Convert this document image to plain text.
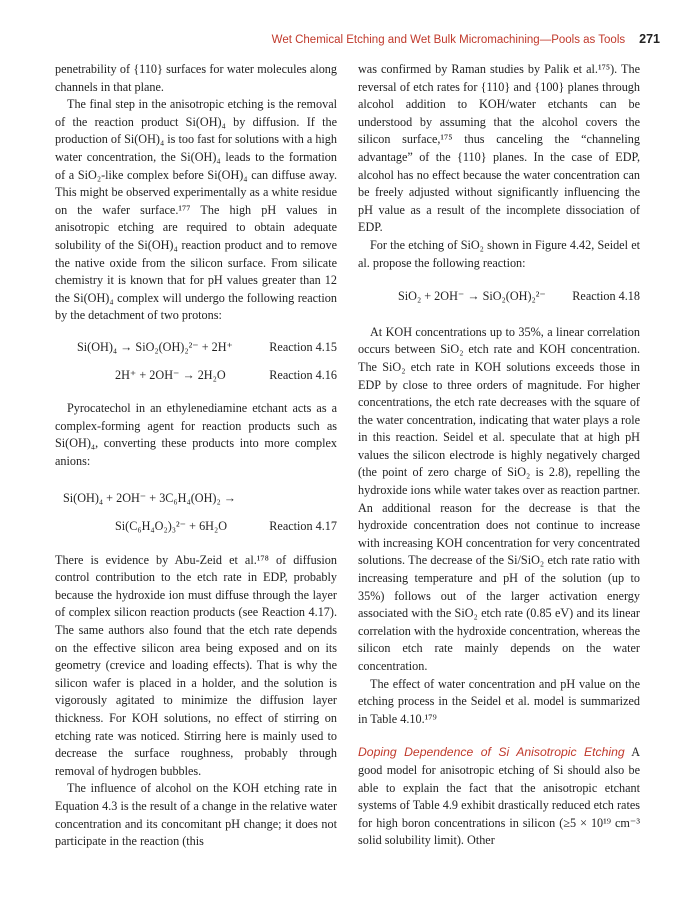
Wet Chemical Etching and Wet Bulk Micromachining—Pools as Tools 271

penetrability of {110} surfaces for water molecules along channels in that plane.

The final step in the anisotropic etching is the removal of the reaction product Si(OH)₄ by diffusion. If the production of Si(OH)₄ is too fast for solutions with a high water concentration, the Si(OH)₄ leads to the formation of a SiO₂-like complex before Si(OH)₄ can diffuse away. This might be observed experimentally as a white residue on the wafer surface.¹⁷⁷ The high pH values in anisotropic etching are required to obtain adequate solubility of the Si(OH)₄ reaction product and to remove the native oxide from the silicon surface. From silicate chemistry it is known that for pH values greater than 12 the Si(OH)₄ complex will undergo the following reaction by the detachment of two protons:

Si(OH)₄ → SiO₂(OH)₂²⁻ + 2H⁺	Reaction 4.15
2H⁺ + 2OH⁻ → 2H₂O	Reaction 4.16

Pyrocatechol in an ethylenediamine etchant acts as a complex-forming agent for reaction products such as Si(OH)₄, converting these products into more complex anions:

Si(OH)₄ + 2OH⁻ + 3C₆H₄(OH)₂ →
Si(C₆H₄O₂)₃²⁻ + 6H₂O	Reaction 4.17

There is evidence by Abu-Zeid et al.¹⁷⁸ of diffusion control contribution to the etch rate in EDP, probably because the hydroxide ion must diffuse through the layer of complex silicon reaction products (see Reaction 4.17). The same authors also found that the etch rate depends on the effective silicon area being exposed and on its geometry (crevice and loading effects). That is why the silicon wafer is placed in a holder, and the solution is vigorously agitated to minimize the diffusion layer thickness. For KOH solutions, no effect of stirring on etching rate was noticed. Stirring here is mainly used to decrease the surface roughness, probably through removal of hydrogen bubbles.

The influence of alcohol on the KOH etching rate in Equation 4.3 is the result of a change in the relative water concentration and its concomitant pH change; it does not participate in the reaction (this

was confirmed by Raman studies by Palik et al.¹⁷⁵). The reversal of etch rates for {110} and {100} planes through alcohol addition to KOH/water etchants can be understood by assuming that the alcohol covers the silicon surface,¹⁷⁵ thus canceling the “channeling advantage” of the {110} planes. In the case of EDP, alcohol has no effect because the water concentration can be freely adjusted without significantly influencing the pH value as a result of the incomplete dissociation of EDP.

For the etching of SiO₂ shown in Figure 4.42, Seidel et al. propose the following reaction:

SiO₂ + 2OH⁻ → SiO₂(OH)₂²⁻ Reaction 4.18

At KOH concentrations up to 35%, a linear correlation occurs between SiO₂ etch rate and KOH concentration. The SiO₂ etch rate in KOH solutions exceeds those in EDP by close to three orders of magnitude. For higher concentrations, the etch rate decreases with the square of the water concentration, indicating that water plays a role in this reaction. Seidel et al. speculate that at high pH values the silicon electrode is highly negatively charged (the point of zero charge of SiO₂ is 2.8), repelling the hydroxide ions while water takes over as reaction partner. An additional reason for the decrease is that the hydroxide concentration does not continue to increase with increasing KOH concentration for very concentrated solutions. The decrease of the Si/SiO₂ etch rate ratio with increasing temperature and pH of the solution (up to 35%) follows out of the larger activation energy associated with the SiO₂ etch rate (0.85 eV) and its linear correlation with the hydroxide concentration, whereas the silicon etch rate mainly depends on the water concentration.

The effect of water concentration and pH value on the etching process in the Seidel et al. model is summarized in Table 4.10.¹⁷⁹

Doping Dependence of Si Anisotropic Etching A good model for anisotropic etching of Si should also be able to explain the fact that the anisotropic etchant systems of Table 4.9 exhibit drastically reduced etch rates for high boron concentrations in silicon (≥5 × 10¹⁹ cm⁻³ solid solubility limit). Other
